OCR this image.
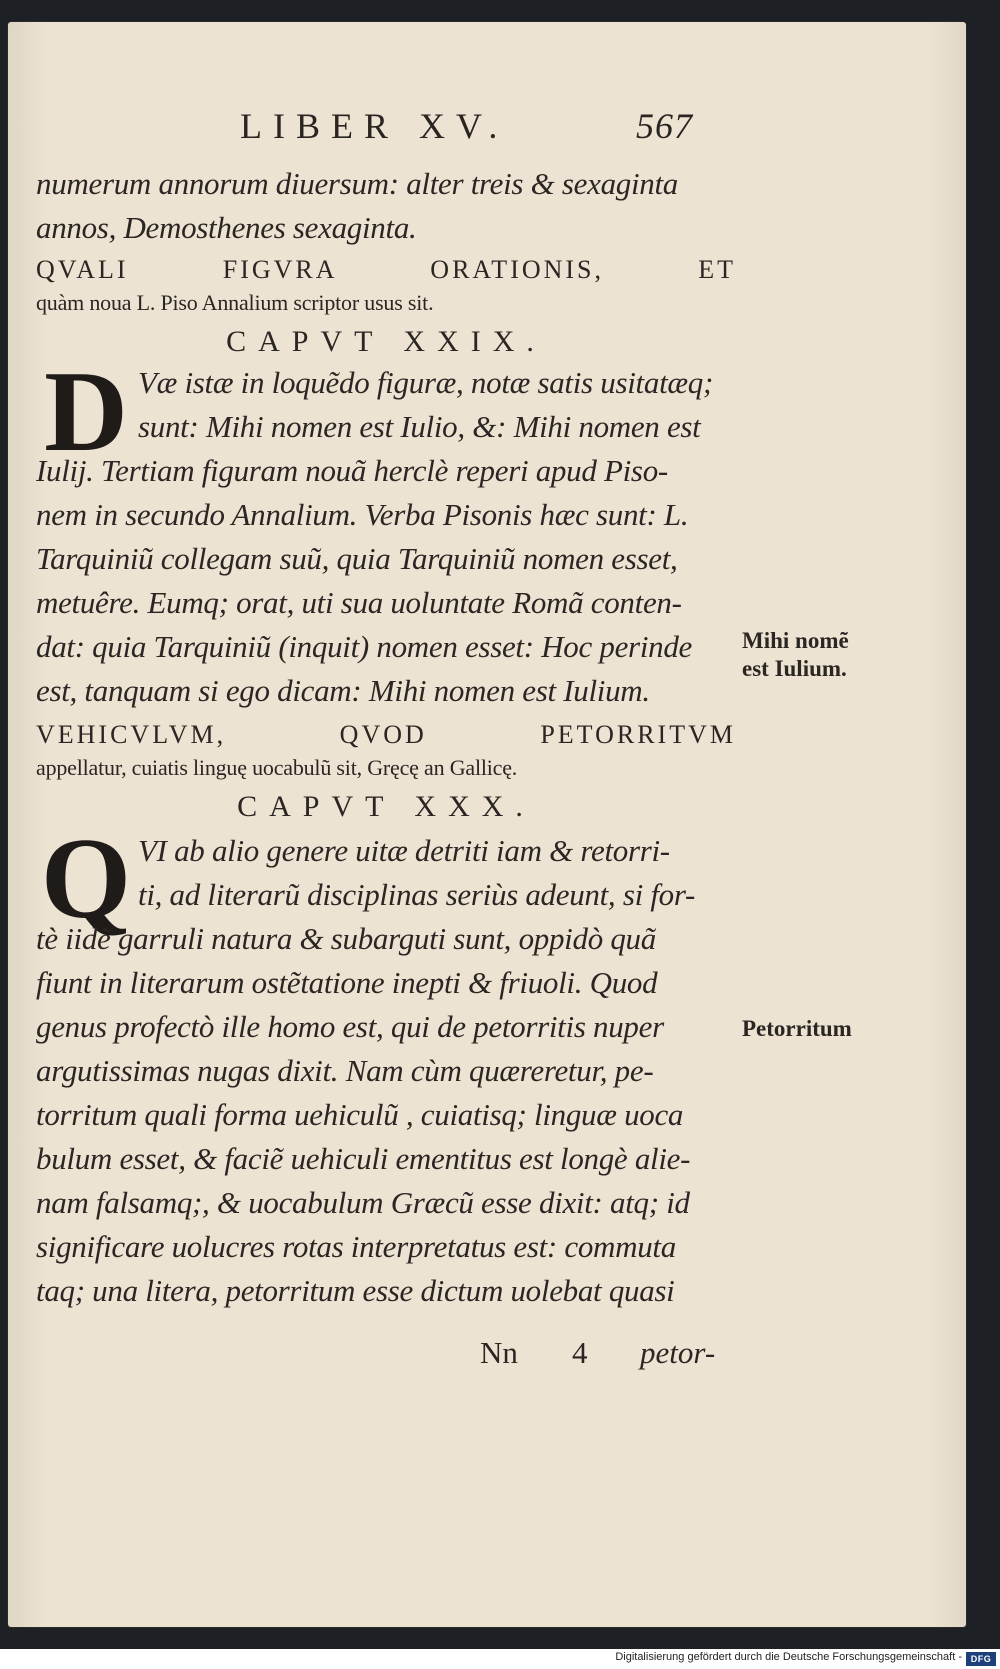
LIBER XV.	567
numerum annorum diuersum: alter treis & sexaginta
annos, Demosthenes sexaginta.
QVALI	FIGVRA	ORATIONIS,	ET
quàm noua L. Piso Annalium scriptor usus sit.
CAPVT XXIX.
D Væ istæ in loquẽdo figuræ, notæ satis usitatæq;
sunt: Mihi nomen est Iulio, &: Mihi nomen est
Iulij. Tertiam figuram nouã herclè reperi apud Piso-
nem in secundo Annalium. Verba Pisonis hæc sunt: L.
Tarquiniũ collegam suũ, quia Tarquiniũ nomen esset,
metuêre. Eumq; orat, uti sua uoluntate Romã conten-
dat: quia Tarquiniũ (inquit) nomen esset: Hoc perinde
est, tanquam si ego dicam: Mihi nomen est Iulium.
Mihi nomẽ
est Iulium.
VEHICVLVM,	QVOD	PETORRITVM
appellatur, cuiatis linguę uocabulũ sit, Gręcę an Gallicę.
CAPVT XXX.
Q VI ab alio genere uitæ detriti iam & retorri-
ti, ad literarũ disciplinas seriùs adeunt, si for-
tè iidẽ garruli natura & subarguti sunt, oppidò quã
fiunt in literarum ostẽtatione inepti & friuoli. Quod
genus profectò ille homo est, qui de petorritis nuper
argutissimas nugas dixit. Nam cùm quæreretur, pe-
torritum quali forma uehiculũ , cuiatisq; linguæ uoca
bulum esset, & faciẽ uehiculi ementitus est longè alie-
nam falsamq;, & uocabulum Græcũ esse dixit: atq; id
significare uolucres rotas interpretatus est: commuta
taq; una litera, petorritum esse dictum uolebat quasi
Petorritum
Nn 4 petor-
Digitalisierung gefördert durch die Deutsche Forschungsgemeinschaft - DFG
